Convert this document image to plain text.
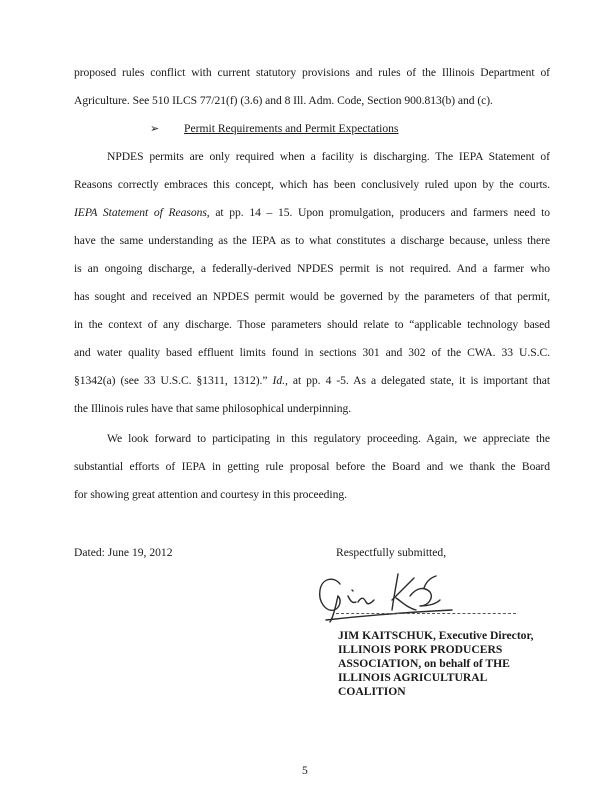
proposed rules conflict with current statutory provisions and rules of the Illinois Department of
Agriculture. See 510 ILCS 77/21(f) (3.6) and 8 Ill. Adm. Code, Section 900.813(b) and (c).
➢ Permit Requirements and Permit Expectations
NPDES permits are only required when a facility is discharging. The IEPA Statement of
Reasons correctly embraces this concept, which has been conclusively ruled upon by the courts.
IEPA Statement of Reasons, at pp. 14 – 15. Upon promulgation, producers and farmers need to
have the same understanding as the IEPA as to what constitutes a discharge because, unless there
is an ongoing discharge, a federally-derived NPDES permit is not required. And a farmer who
has sought and received an NPDES permit would be governed by the parameters of that permit,
in the context of any discharge. Those parameters should relate to “applicable technology based
and water quality based effluent limits found in sections 301 and 302 of the CWA. 33 U.S.C.
§1342(a) (see 33 U.S.C. §1311, 1312).” Id., at pp. 4 -5. As a delegated state, it is important that
the Illinois rules have that same philosophical underpinning.
We look forward to participating in this regulatory proceeding. Again, we appreciate the
substantial efforts of IEPA in getting rule proposal before the Board and we thank the Board
for showing great attention and courtesy in this proceeding.
Dated: June 19, 2012	Respectfully submitted,
JIM KAITSCHUK, Executive Director,
ILLINOIS PORK PRODUCERS
ASSOCIATION, on behalf of THE
ILLINOIS AGRICULTURAL
COALITION
5
